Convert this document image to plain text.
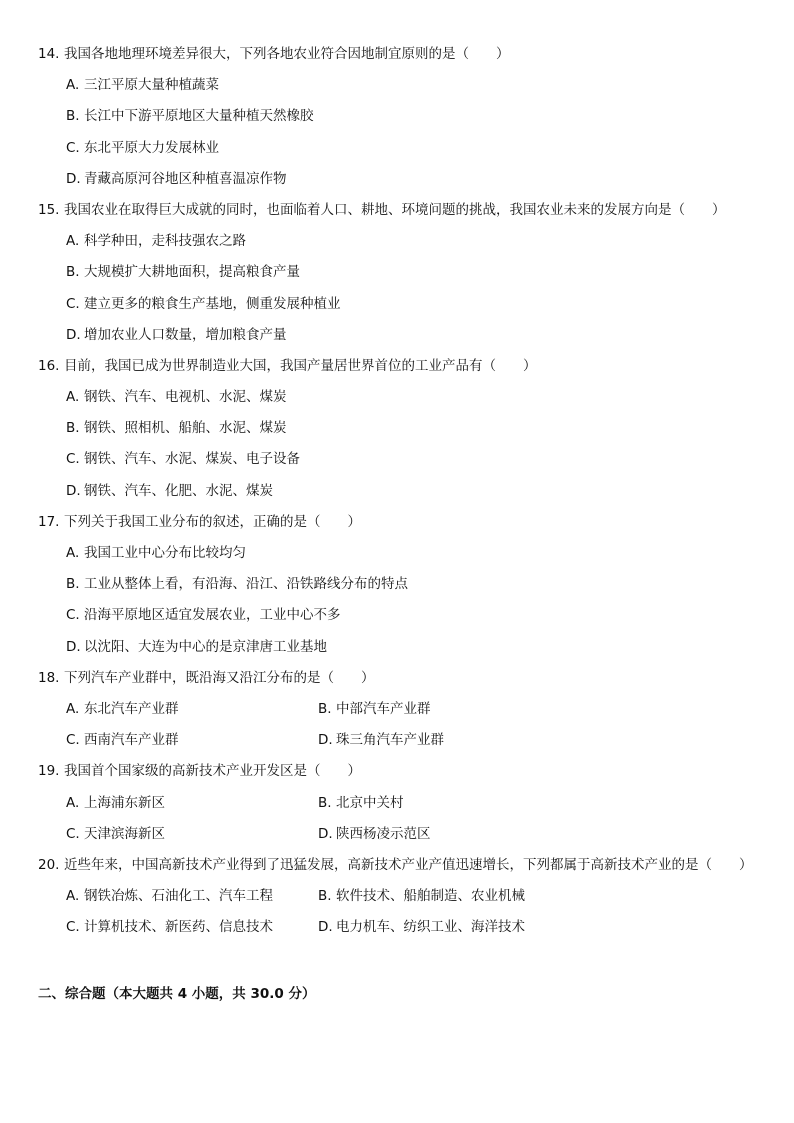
14. 我国各地地理环境差异很大，下列各地农业符合因地制宜原则的是（　　）
A. 三江平原大量种植蔬菜
B. 长江中下游平原地区大量种植天然橡胶
C. 东北平原大力发展林业
D. 青藏高原河谷地区种植喜温凉作物
15. 我国农业在取得巨大成就的同时，也面临着人口、耕地、环境问题的挑战，我国农业未来的发展方向是（　　）
A. 科学种田，走科技强农之路
B. 大规模扩大耕地面积，提高粮食产量
C. 建立更多的粮食生产基地，侧重发展种植业
D. 增加农业人口数量，增加粮食产量
16. 目前，我国已成为世界制造业大国，我国产量居世界首位的工业产品有（　　）
A. 钢铁、汽车、电视机、水泥、煤炭
B. 钢铁、照相机、船舶、水泥、煤炭
C. 钢铁、汽车、水泥、煤炭、电子设备
D. 钢铁、汽车、化肥、水泥、煤炭
17. 下列关于我国工业分布的叙述，正确的是（　　）
A. 我国工业中心分布比较均匀
B. 工业从整体上看，有沿海、沿江、沿铁路线分布的特点
C. 沿海平原地区适宜发展农业，工业中心不多
D. 以沈阳、大连为中心的是京津唐工业基地
18. 下列汽车产业群中，既沿海又沿江分布的是（　　）
A. 东北汽车产业群	B. 中部汽车产业群
C. 西南汽车产业群	D. 珠三角汽车产业群
19. 我国首个国家级的高新技术产业开发区是（　　）
A. 上海浦东新区	B. 北京中关村
C. 天津滨海新区	D. 陕西杨凌示范区
20. 近些年来，中国高新技术产业得到了迅猛发展，高新技术产业产值迅速增长，下列都属于高新技术产业的是（　　）
A. 钢铁冶炼、石油化工、汽车工程	B. 软件技术、船舶制造、农业机械
C. 计算机技术、新医药、信息技术	D. 电力机车、纺织工业、海洋技术
二、综合题（本大题共 4 小题，共 30.0 分）
